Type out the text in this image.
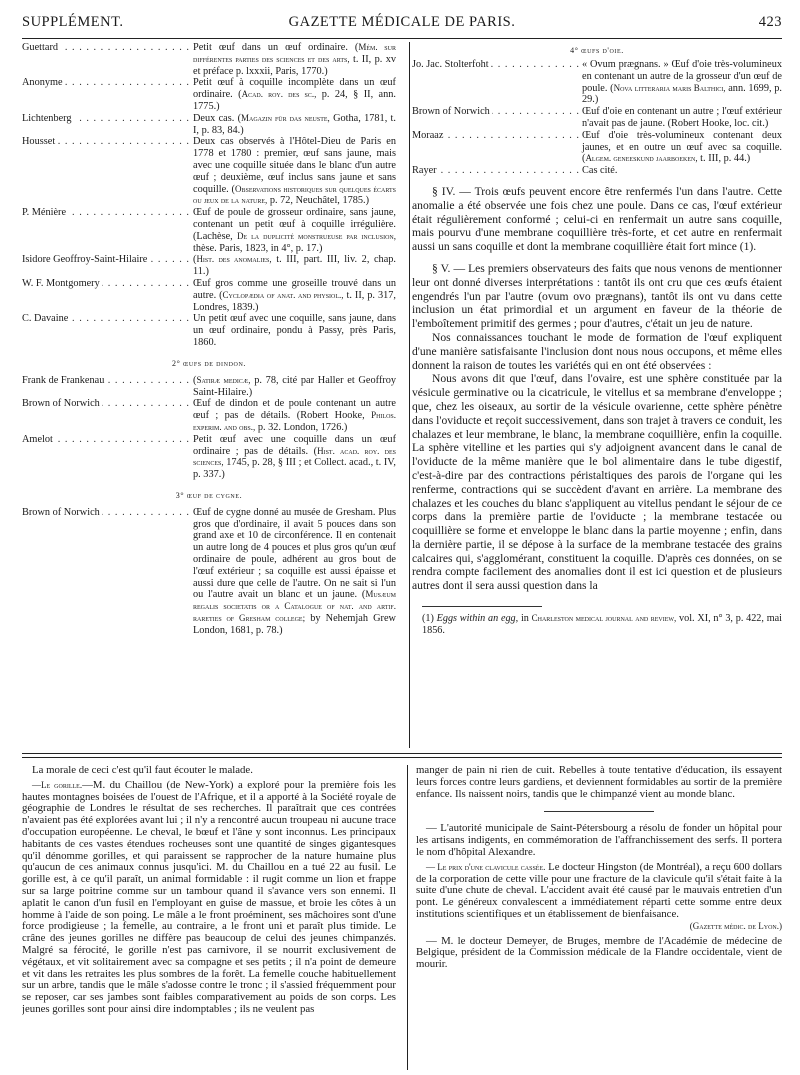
SUPPLÉMENT.	GAZETTE MÉDICALE DE PARIS.	423
Guettard . . .	Petit œuf dans un œuf ordinaire. (Mém. sur différentes parties des sciences et des arts, t. II, p. xv et préface p. lxxxii, Paris, 1770.)
Anonyme . . .	Petit œuf à coquille incomplète dans un œuf ordinaire. (Acad. roy. des sc., p. 24, § II, ann. 1775.)
Lichtenberg . . .	Deux cas. (Magazin für das neuste, Gotha, 1781, t. I, p. 83, 84.)
Housset . . .	Deux cas observés à l'Hôtel-Dieu de Paris en 1778 et 1780 : premier, œuf sans jaune, mais avec une coquille située dans le blanc d'un autre œuf ; deuxième, œuf inclus sans jaune et sans coquille. (Observations historiques sur quelques écarts ou jeux de la nature, p. 72, Neuchâtel, 1785.)
P. Ménière . . .	Œuf de poule de grosseur ordinaire, sans jaune, contenant un petit œuf à coquille irrégulière. (Lachèse, De la duplicité monstrueuse par inclusion, thèse. Paris, 1823, in 4°, p. 17.)
Isidore Geoffroy-Saint-Hilaire . . .	(Hist. des anomalies, t. III, part. III, liv. 2, chap. 11.)
W. F. Montgomery . . .	Œuf gros comme une groseille trouvé dans un autre. (Cyclopædia of anat. and physiol., t. II, p. 317, Londres, 1839.)
C. Davaine . . .	Un petit œuf avec une coquille, sans jaune, dans un œuf ordinaire, pondu à Passy, près Paris, 1860.
2° œufs de dindon.
Frank de Frankenau . . .	(Satiræ medicæ, p. 78, cité par Haller et Geoffroy Saint-Hilaire.)
Brown of Norwich . . .	Œuf de dindon et de poule contenant un autre œuf ; pas de détails. (Robert Hooke, Philos. experim. and obs., p. 32. London, 1726.)
Amelot . . .	Petit œuf avec une coquille dans un œuf ordinaire ; pas de détails. (Hist. acad. roy. des sciences, 1745, p. 28, § III ; et Collect. acad., t. IV, p. 337.)
3° œuf de cygne.
Brown of Norwich . . .	Œuf de cygne donné au musée de Gresham. Plus gros que d'ordinaire, il avait 5 pouces dans son grand axe et 10 de circonférence. Il en contenait un autre long de 4 pouces et plus gros qu'un œuf ordinaire de poule, adhérent au gros bout de l'œuf extérieur ; sa coquille est aussi épaisse et aussi dure que celle de l'autre. On ne sait si l'un ou l'autre avait un blanc et un jaune. (Musæum regalis societatis or a Catalogue of nat. and artif. rareties of Gresham college; by Nehemjah Grew London, 1681, p. 78.)
4° œufs d'oie.
Jo. Jac. Stolterfoht . . .	« Ovum prægnans. » Œuf d'oie très-volumineux en contenant un autre de la grosseur d'un œuf de poule. (Nova litteraria maris Balthici, ann. 1699, p. 29.)
Brown of Norwich . . .	Œuf d'oie en contenant un autre ; l'œuf extérieur n'avait pas de jaune. (Robert Hooke, loc. cit.)
Moraaz . . .	Œuf d'oie très-volumineux contenant deux jaunes, et en outre un œuf avec sa coquille. (Algem. geneeskund jaarboeken, t. III, p. 44.)
Rayer . . .	Cas cité.

§ IV. — Trois œufs peuvent encore être renfermés l'un dans l'autre. Cette anomalie a été observée une fois chez une poule. Dans ce cas, l'œuf extérieur était régulièrement conformé ; celui-ci en renfermait un autre sans coquille, mais pourvu d'une membrane coquillière très-forte, et cet autre en renfermait aussi un sans coquille et dont la membrane coquillière était fort mince (1).

§ V. — Les premiers observateurs des faits que nous venons de mentionner leur ont donné diverses interprétations : tantôt ils ont cru que ces œufs étaient engendrés l'un par l'autre (ovum ovo prægnans), tantôt ils ont vu dans cette inclusion un état primordial et un argument en faveur de la théorie de l'emboîtement primitif des germes ; pour d'autres, c'était un jeu de nature.

Nos connaissances touchant le mode de formation de l'œuf expliquent d'une manière satisfaisante l'inclusion dont nous nous occupons, et même elles donnent la raison de toutes les variétés qui en ont été observées :

Nous avons dit que l'œuf, dans l'ovaire, est une sphère constituée par la vésicule germinative ou la cicatricule, le vitellus et sa membrane d'enveloppe ; que, chez les oiseaux, au sortir de la vésicule ovarienne, cette sphère pénètre dans l'oviducte et reçoit successivement, dans son trajet à travers ce conduit, les chalazes et leur membrane, le blanc, la membrane coquillière, enfin la coquille. La sphère vitelline et les parties qui s'y adjoignent avancent dans le canal de l'oviducte de la même manière que le bol alimentaire dans le tube digestif, c'est-à-dire par des contractions péristaltiques des parois de l'organe qui les renferme, contractions qui se succèdent d'avant en arrière. La membrane des chalazes et les couches du blanc s'appliquent au vitellus pendant le séjour de ce corps dans la première partie de l'oviducte ; la membrane testacée ou coquillière se forme et enveloppe le blanc dans la partie moyenne ; enfin, dans la dernière partie, il se dépose à la surface de la membrane testacée des grains calcaires qui, s'agglomérant, constituent la coquille. D'après ces données, on se rendra compte facilement des anomalies dont il est ici question et de plusieurs autres dont il sera aussi question dans la

(1) Eggs within an egg, in Charleston medical journal and review, vol. XI, n° 3, p. 422, mai 1856.

La morale de ceci c'est qu'il faut écouter le malade.

—Le gorille.—M. du Chaillou (de New-York) a exploré pour la première fois les hautes montagnes boisées de l'ouest de l'Afrique, et il a apporté à la Société royale de géographie de Londres le résultat de ses recherches. Il paraîtrait que ces contrées n'avaient pas été explorées avant lui ; il n'y a rencontré aucun troupeau ni aucune trace d'occupation européenne. Le cheval, le bœuf et l'âne y sont inconnus. Les principaux habitants de ces vastes étendues rocheuses sont une quantité de singes gigantesques qu'il dénomme gorilles, et qui paraissent se rapprocher de la nature humaine plus qu'aucun de ces animaux connus jusqu'ici. M. du Chaillou en a tué 22 au fusil. Le gorille est, à ce qu'il paraît, un animal formidable : il rugit comme un lion et frappe sur sa large poitrine comme sur un tambour quand il s'avance vers son ennemi. Il aplatit le canon d'un fusil en l'employant en guise de massue, et broie les côtes à un homme à l'aide de son poing. Le mâle a le front proéminent, ses mâchoires sont d'une force prodigieuse ; la femelle, au contraire, a le front uni et paraît plus timide. Le crâne des jeunes gorilles ne diffère pas beaucoup de celui des jeunes chimpanzés. Malgré sa férocité, le gorille n'est pas carnivore, il se nourrit exclusivement de végétaux, et vit solitairement avec sa compagne et ses petits ; il n'a point de demeure et vit dans les retraites les plus sombres de la forêt. La femelle couche habituellement sur un arbre, tandis que le mâle s'adosse contre le tronc ; il s'assied fréquemment pour se reposer, car ses jambes sont faibles comparativement au poids de son corps. Les jeunes gorilles sont pour ainsi dire indomptables ; ils ne veulent pas

manger de pain ni rien de cuit. Rebelles à toute tentative d'éducation, ils essayent leurs forces contre leurs gardiens, et deviennent formidables au sortir de la première enfance. Ils naissent noirs, tandis que le chimpanzé vient au monde blanc.

— L'autorité municipale de Saint-Pétersbourg a résolu de fonder un hôpital pour les artisans indigents, en commémoration de l'affranchissement des serfs. Il portera le nom d'hôpital Alexandre.

— Le prix d'une clavicule cassée. Le docteur Hingston (de Montréal), a reçu 600 dollars de la corporation de cette ville pour une fracture de la clavicule qu'il s'était faite à la suite d'une chute de cheval. L'accident avait été causé par le mauvais entretien d'un pont. Le généreux convalescent a immédiatement réparti cette somme entre deux institutions scientifiques et un établissement de bienfaisance.

(Gazette médic. de Lyon.)

— M. le docteur Demeyer, de Bruges, membre de l'Académie de médecine de Belgique, président de la Commission médicale de la Flandre occidentale, vient de mourir.
